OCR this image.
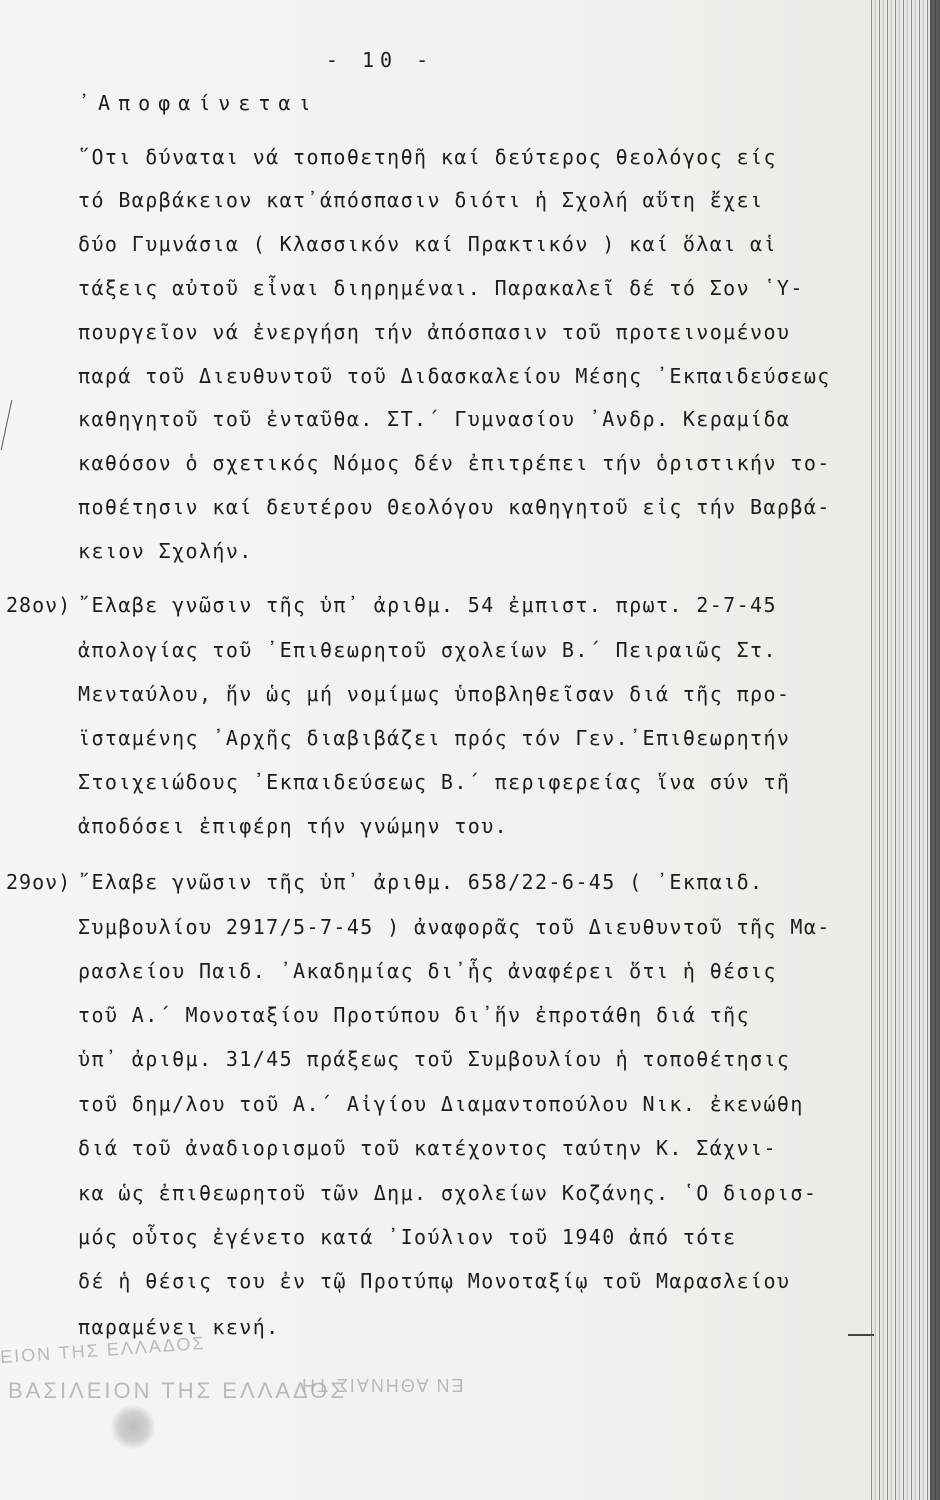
- 10 -
᾿Αποφαίνεται
῞Οτι δύναται νά τοποθετηθῆ καί δεύτερος θεολόγος είς
τό Βαρβάκειον κατ᾿άπόσπασιν διότι ἡ Σχολή αὕτη ἔχει
δύο Γυμνάσια ( Κλασσικόν καί Πρακτικόν ) καί ὅλαι αἱ
τάξεις αὐτοῦ εἶναι διηρημέναι. Παρακαλεῖ δέ τό Σον ῾Υ-
πουργεῖον νά ἐνεργήση τήν ἀπόσπασιν τοῦ προτεινομένου
παρά τοῦ Διευθυντοῦ τοῦ Διδασκαλείου Μέσης ᾿Εκπαιδεύσεως
καθηγητοῦ τοῦ ἐνταῦθα. ΣΤ.´ Γυμνασίου ᾿Ανδρ. Κεραμίδα
καθόσον ὁ σχετικός Νόμος δέν ἐπιτρέπει τήν ὁριστικήν το-
ποθέτησιν καί δευτέρου Θεολόγου καθηγητοῦ εἰς τήν Βαρβά-
κειον Σχολήν.
28ον) ῎Ελαβε γνῶσιν τῆς ὑπ᾿ ἀριθμ. 54 ἐμπιστ. πρωτ. 2-7-45
ἀπολογίας τοῦ ᾿Επιθεωρητοῦ σχολείων Β.´ Πειραιῶς Στ.
Μενταύλου, ἥν ὡς μή νομίμως ὑποβληθεῖσαν διά τῆς προ-
ϊσταμένης ᾿Αρχῆς διαβιβάζει πρός τόν Γεν.᾿Επιθεωρητήν
Στοιχειώδους ᾿Εκπαιδεύσεως Β.´ περιφερείας ἵνα σύν τῆ
ἀποδόσει ἐπιφέρη τήν γνώμην του.
29ον) ῎Ελαβε γνῶσιν τῆς ὑπ᾿ ἀριθμ. 658/22-6-45 ( ᾿Εκπαιδ.
Συμβουλίου 2917/5-7-45 ) ἀναφορᾶς τοῦ Διευθυντοῦ τῆς Μα-
ρασλείου Παιδ. ᾿Ακαδημίας δι᾿ἧς ἀναφέρει ὅτι ἡ θέσις
τοῦ Α.´ Μονοταξίου Προτύπου δι᾿ἥν ἐπροτάθη διά τῆς
ὑπ᾿ ἀριθμ. 31/45 πράξεως τοῦ Συμβουλίου ἡ τοποθέτησις
τοῦ δημ/λου τοῦ Α.´ Αἰγίου Διαμαντοπούλου Νικ. ἐκενώθη
διά τοῦ ἀναδιορισμοῦ τοῦ κατέχοντος ταύτην Κ. Σάχνι-
κα ὡς ἐπιθεωρητοῦ τῶν Δημ. σχολείων Κοζάνης. ῾Ο διορισ-
μός οὗτος ἐγένετο κατά ᾿Ιούλιον τοῦ 1940 ἀπό τότε
δέ ἡ θέσις του ἐν τῷ Προτύπῳ Μονοταξίῳ τοῦ Μαρασλείου
παραμένει κενή.
ΕΙΟΝ ΤΗΣ ΕΛΛΑΔΟΣ
ΒΑΣΙΛΕΙΟΝ ΤΗΣ ΕΛΛΑΔΟΣ
ΕΝ ΑΘΗΝΑΙΣ ΤΗ
